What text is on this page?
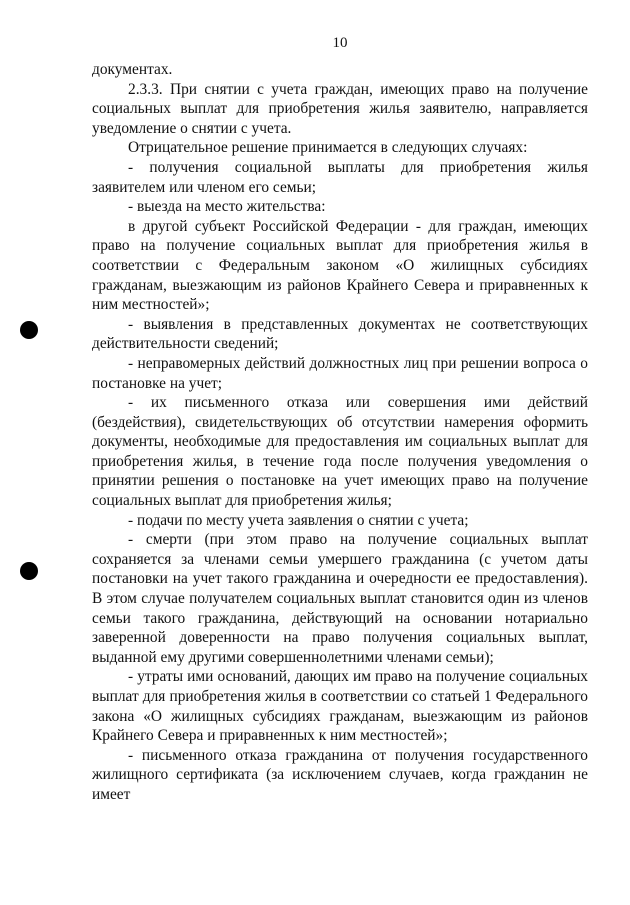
10

документах.

2.3.3. При снятии с учета граждан, имеющих право на получение социальных выплат для приобретения жилья заявителю, направляется уведомление о снятии с учета.

Отрицательное решение принимается в следующих случаях:

- получения социальной выплаты для приобретения жилья заявителем или членом его семьи;

- выезда на место жительства:

в другой субъект Российской Федерации - для граждан, имеющих право на получение социальных выплат для приобретения жилья в соответствии с Федеральным законом «О жилищных субсидиях гражданам, выезжающим из районов Крайнего Севера и приравненных к ним местностей»;

- выявления в представленных документах не соответствующих действительности сведений;

- неправомерных действий должностных лиц при решении вопроса о постановке на учет;

- их письменного отказа или совершения ими действий (бездействия), свидетельствующих об отсутствии намерения оформить документы, необходимые для предоставления им социальных выплат для приобретения жилья, в течение года после получения уведомления о принятии решения о постановке на учет имеющих право на получение социальных выплат для приобретения жилья;

- подачи по месту учета заявления о снятии с учета;

- смерти (при этом право на получение социальных выплат сохраняется за членами семьи умершего гражданина (с учетом даты постановки на учет такого гражданина и очередности ее предоставления). В этом случае получателем социальных выплат становится один из членов семьи такого гражданина, действующий на основании нотариально заверенной доверенности на право получения социальных выплат, выданной ему другими совершеннолетними членами семьи);

- утраты ими оснований, дающих им право на получение социальных выплат для приобретения жилья в соответствии со статьей 1 Федерального закона «О жилищных субсидиях гражданам, выезжающим из районов Крайнего Севера и приравненных к ним местностей»;

- письменного отказа гражданина от получения государственного жилищного сертификата (за исключением случаев, когда гражданин не имеет
